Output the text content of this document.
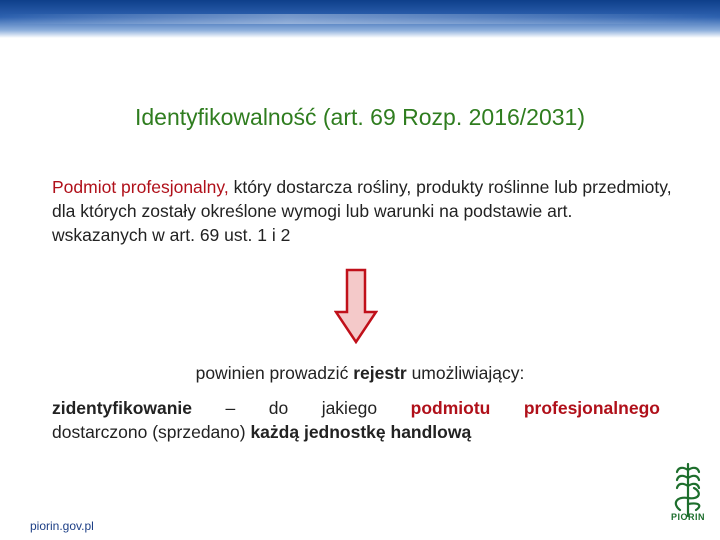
Identyfikowalność (art. 69 Rozp. 2016/2031)
Podmiot profesjonalny, który dostarcza rośliny, produkty roślinne lub przedmioty, dla których zostały określone wymogi lub warunki na podstawie art. wskazanych w art. 69 ust. 1 i 2
powinien prowadzić rejestr umożliwiający:
zidentyfikowanie – do jakiego podmiotu profesjonalnego
dostarczono (sprzedano) każdą jednostkę handlową
piorin.gov.pl
PIORIN
